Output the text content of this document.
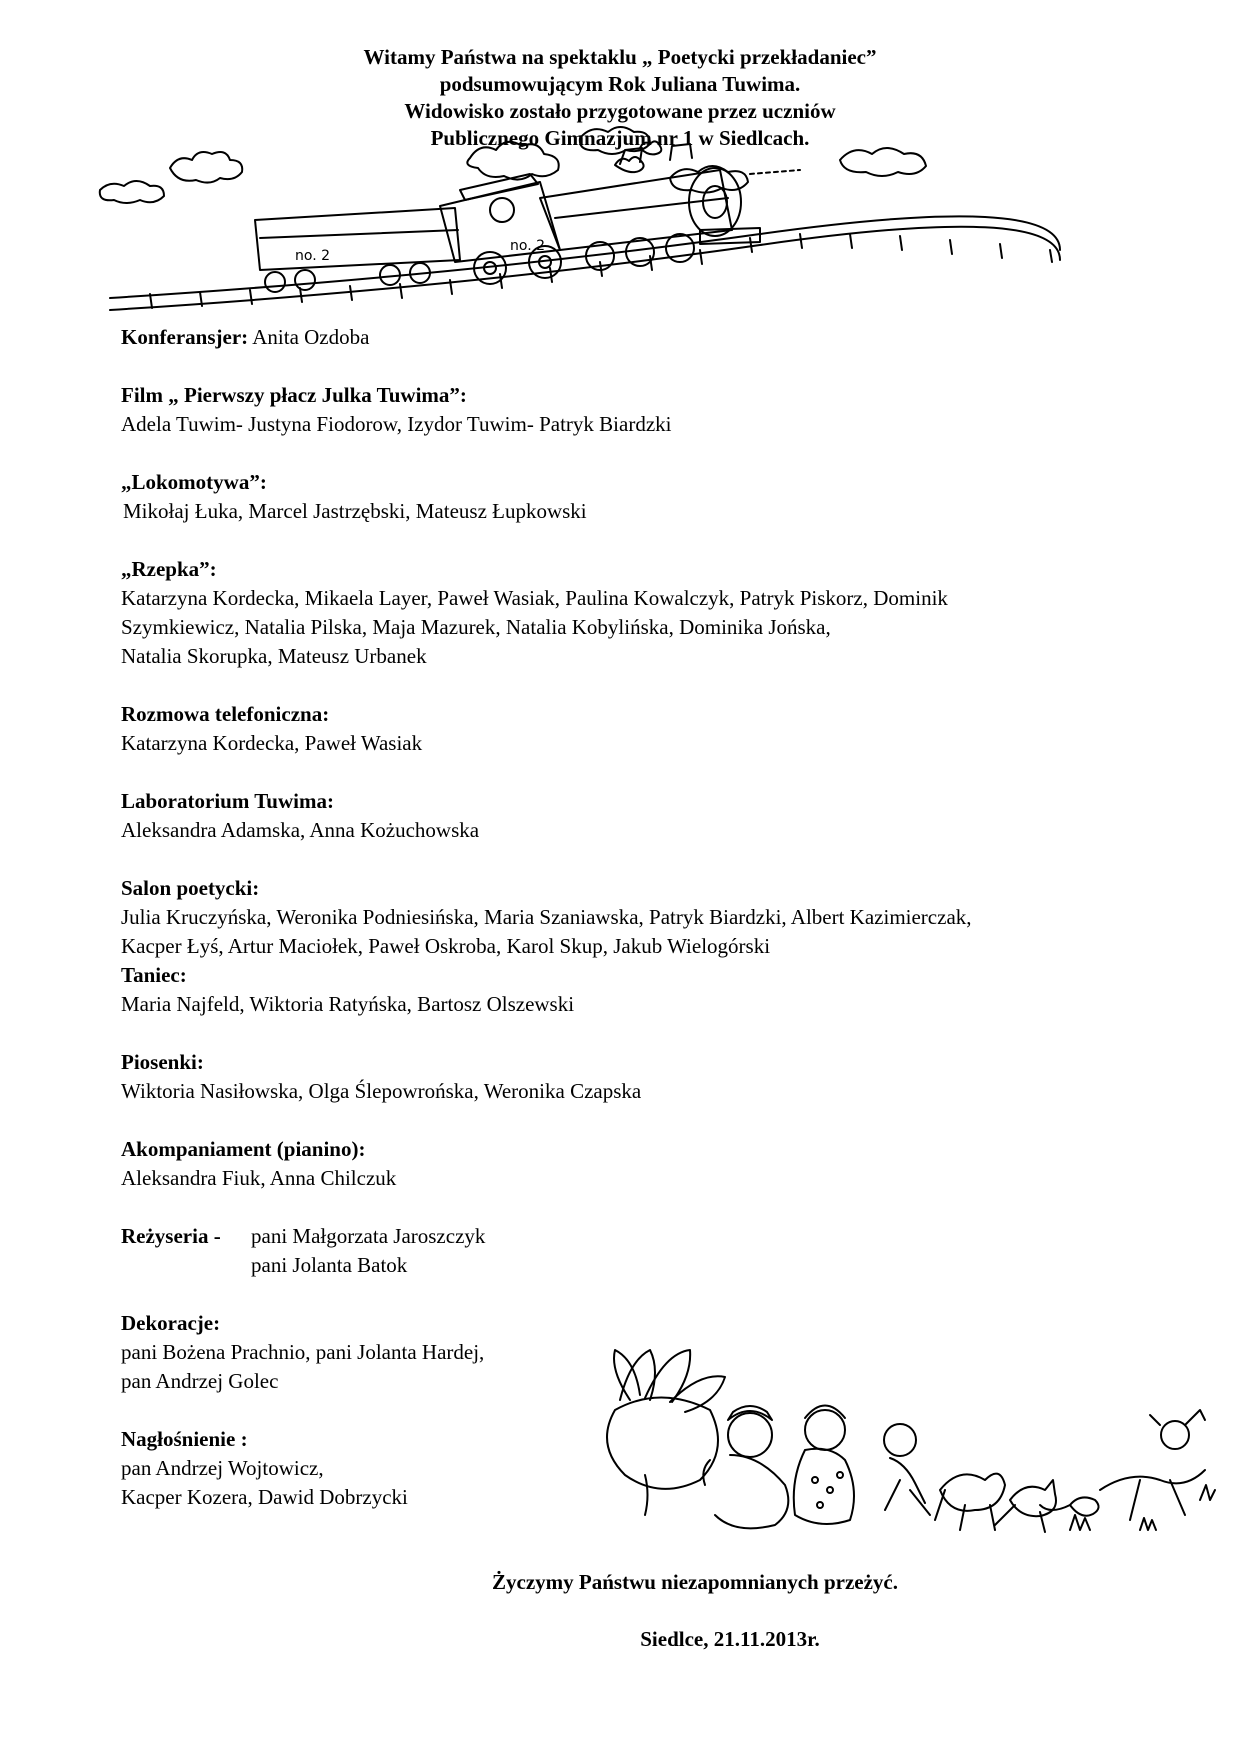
Witamy Państwa na spektaklu „ Poetycki przekładaniec”
podsumowującym Rok Juliana Tuwima.
Widowisko zostało przygotowane przez uczniów
Publicznego Gimnazjum nr 1 w Siedlcach.
no. 2
no. 2
Konferansjer: Anita Ozdoba
Film „ Pierwszy płacz Julka Tuwima”:
Adela Tuwim- Justyna Fiodorow, Izydor Tuwim- Patryk Biardzki
„Lokomotywa”:
Mikołaj Łuka, Marcel Jastrzębski, Mateusz Łupkowski
„Rzepka”:
Katarzyna Kordecka, Mikaela Layer, Paweł Wasiak, Paulina Kowalczyk, Patryk Piskorz, Dominik
Szymkiewicz, Natalia Pilska, Maja Mazurek, Natalia Kobylińska, Dominika Jońska,
Natalia Skorupka, Mateusz Urbanek
Rozmowa telefoniczna:
Katarzyna Kordecka, Paweł Wasiak
Laboratorium Tuwima:
Aleksandra Adamska, Anna Kożuchowska
Salon poetycki:
Julia Kruczyńska, Weronika Podniesińska, Maria Szaniawska, Patryk Biardzki, Albert Kazimierczak,
Kacper Łyś, Artur Maciołek, Paweł Oskroba, Karol Skup, Jakub Wielogórski
Taniec:
Maria Najfeld, Wiktoria Ratyńska, Bartosz Olszewski
Piosenki:
Wiktoria Nasiłowska, Olga Ślepowrońska, Weronika Czapska
Akompaniament (pianino):
Aleksandra Fiuk, Anna Chilczuk
Reżyseria -	pani Małgorzata Jaroszczyk
pani Jolanta Batok
Dekoracje:
pani Bożena Prachnio, pani Jolanta Hardej,
pan Andrzej Golec
Nagłośnienie :
pan Andrzej Wojtowicz,
Kacper Kozera, Dawid Dobrzycki
Życzymy Państwu niezapomnianych przeżyć.
Siedlce, 21.11.2013r.
